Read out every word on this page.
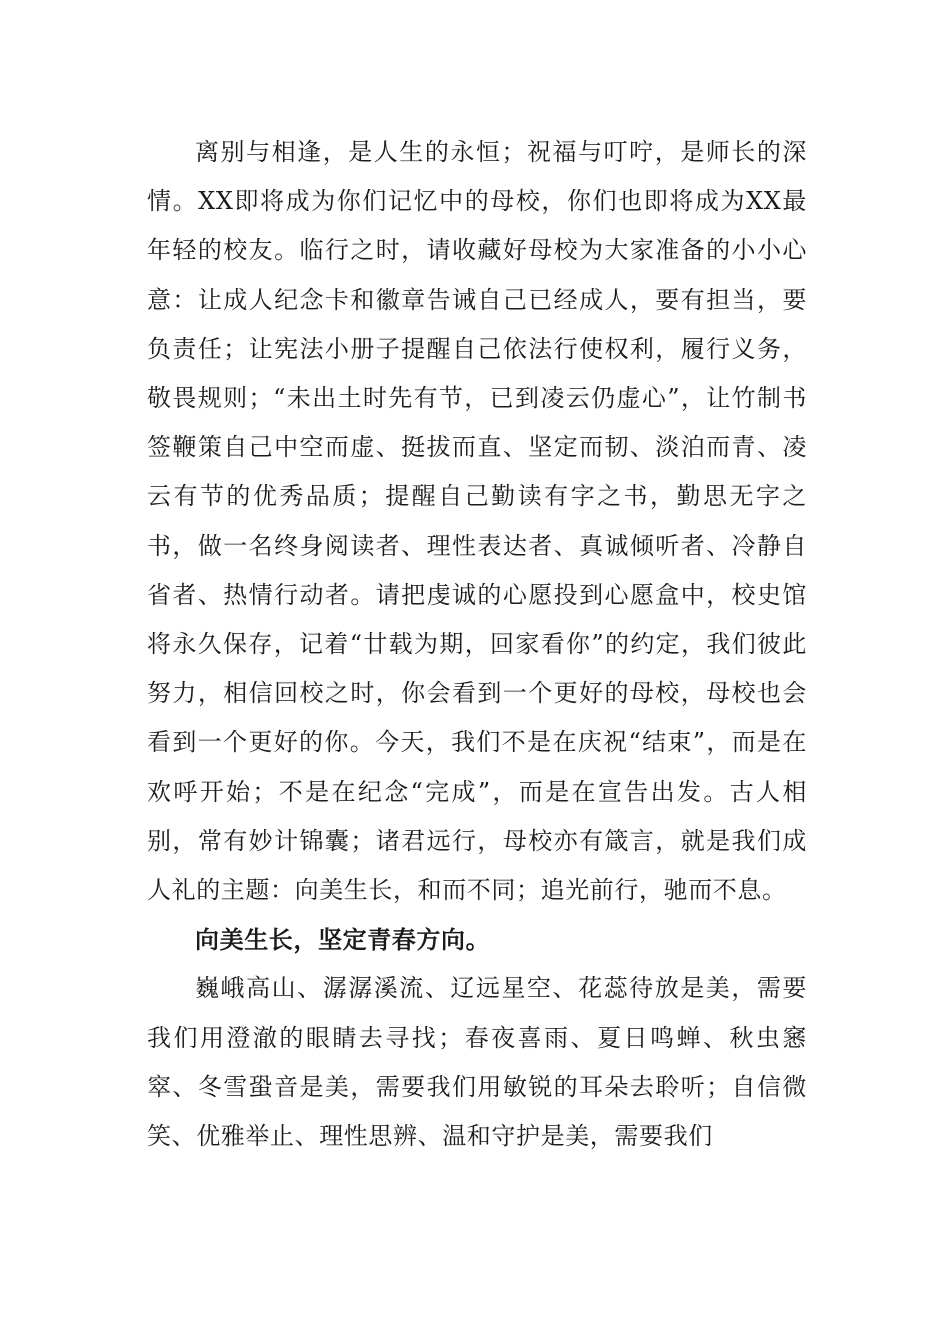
离别与相逢，是人生的永恒；祝福与叮咛，是师长的深情。XX即将成为你们记忆中的母校，你们也即将成为XX最年轻的校友。临行之时，请收藏好母校为大家准备的小小心意：让成人纪念卡和徽章告诫自己已经成人，要有担当，要负责任；让宪法小册子提醒自己依法行使权利，履行义务，敬畏规则；“未出土时先有节，已到凌云仍虚心”，让竹制书签鞭策自己中空而虚、挺拔而直、坚定而韧、淡泊而青、凌云有节的优秀品质；提醒自己勤读有字之书，勤思无字之书，做一名终身阅读者、理性表达者、真诚倾听者、冷静自省者、热情行动者。请把虔诚的心愿投到心愿盒中，校史馆将永久保存，记着“廿载为期，回家看你”的约定，我们彼此努力，相信回校之时，你会看到一个更好的母校，母校也会看到一个更好的你。今天，我们不是在庆祝“结束”，而是在欢呼开始；不是在纪念“完成”，而是在宣告出发。古人相别，常有妙计锦囊；诸君远行，母校亦有箴言，就是我们成人礼的主题：向美生长，和而不同；追光前行，驰而不息。

向美生长，坚定青春方向。

巍峨高山、潺潺溪流、辽远星空、花蕊待放是美，需要我们用澄澈的眼睛去寻找；春夜喜雨、夏日鸣蝉、秋虫窸窣、冬雪蛩音是美，需要我们用敏锐的耳朵去聆听；自信微笑、优雅举止、理性思辨、温和守护是美，需要我们
